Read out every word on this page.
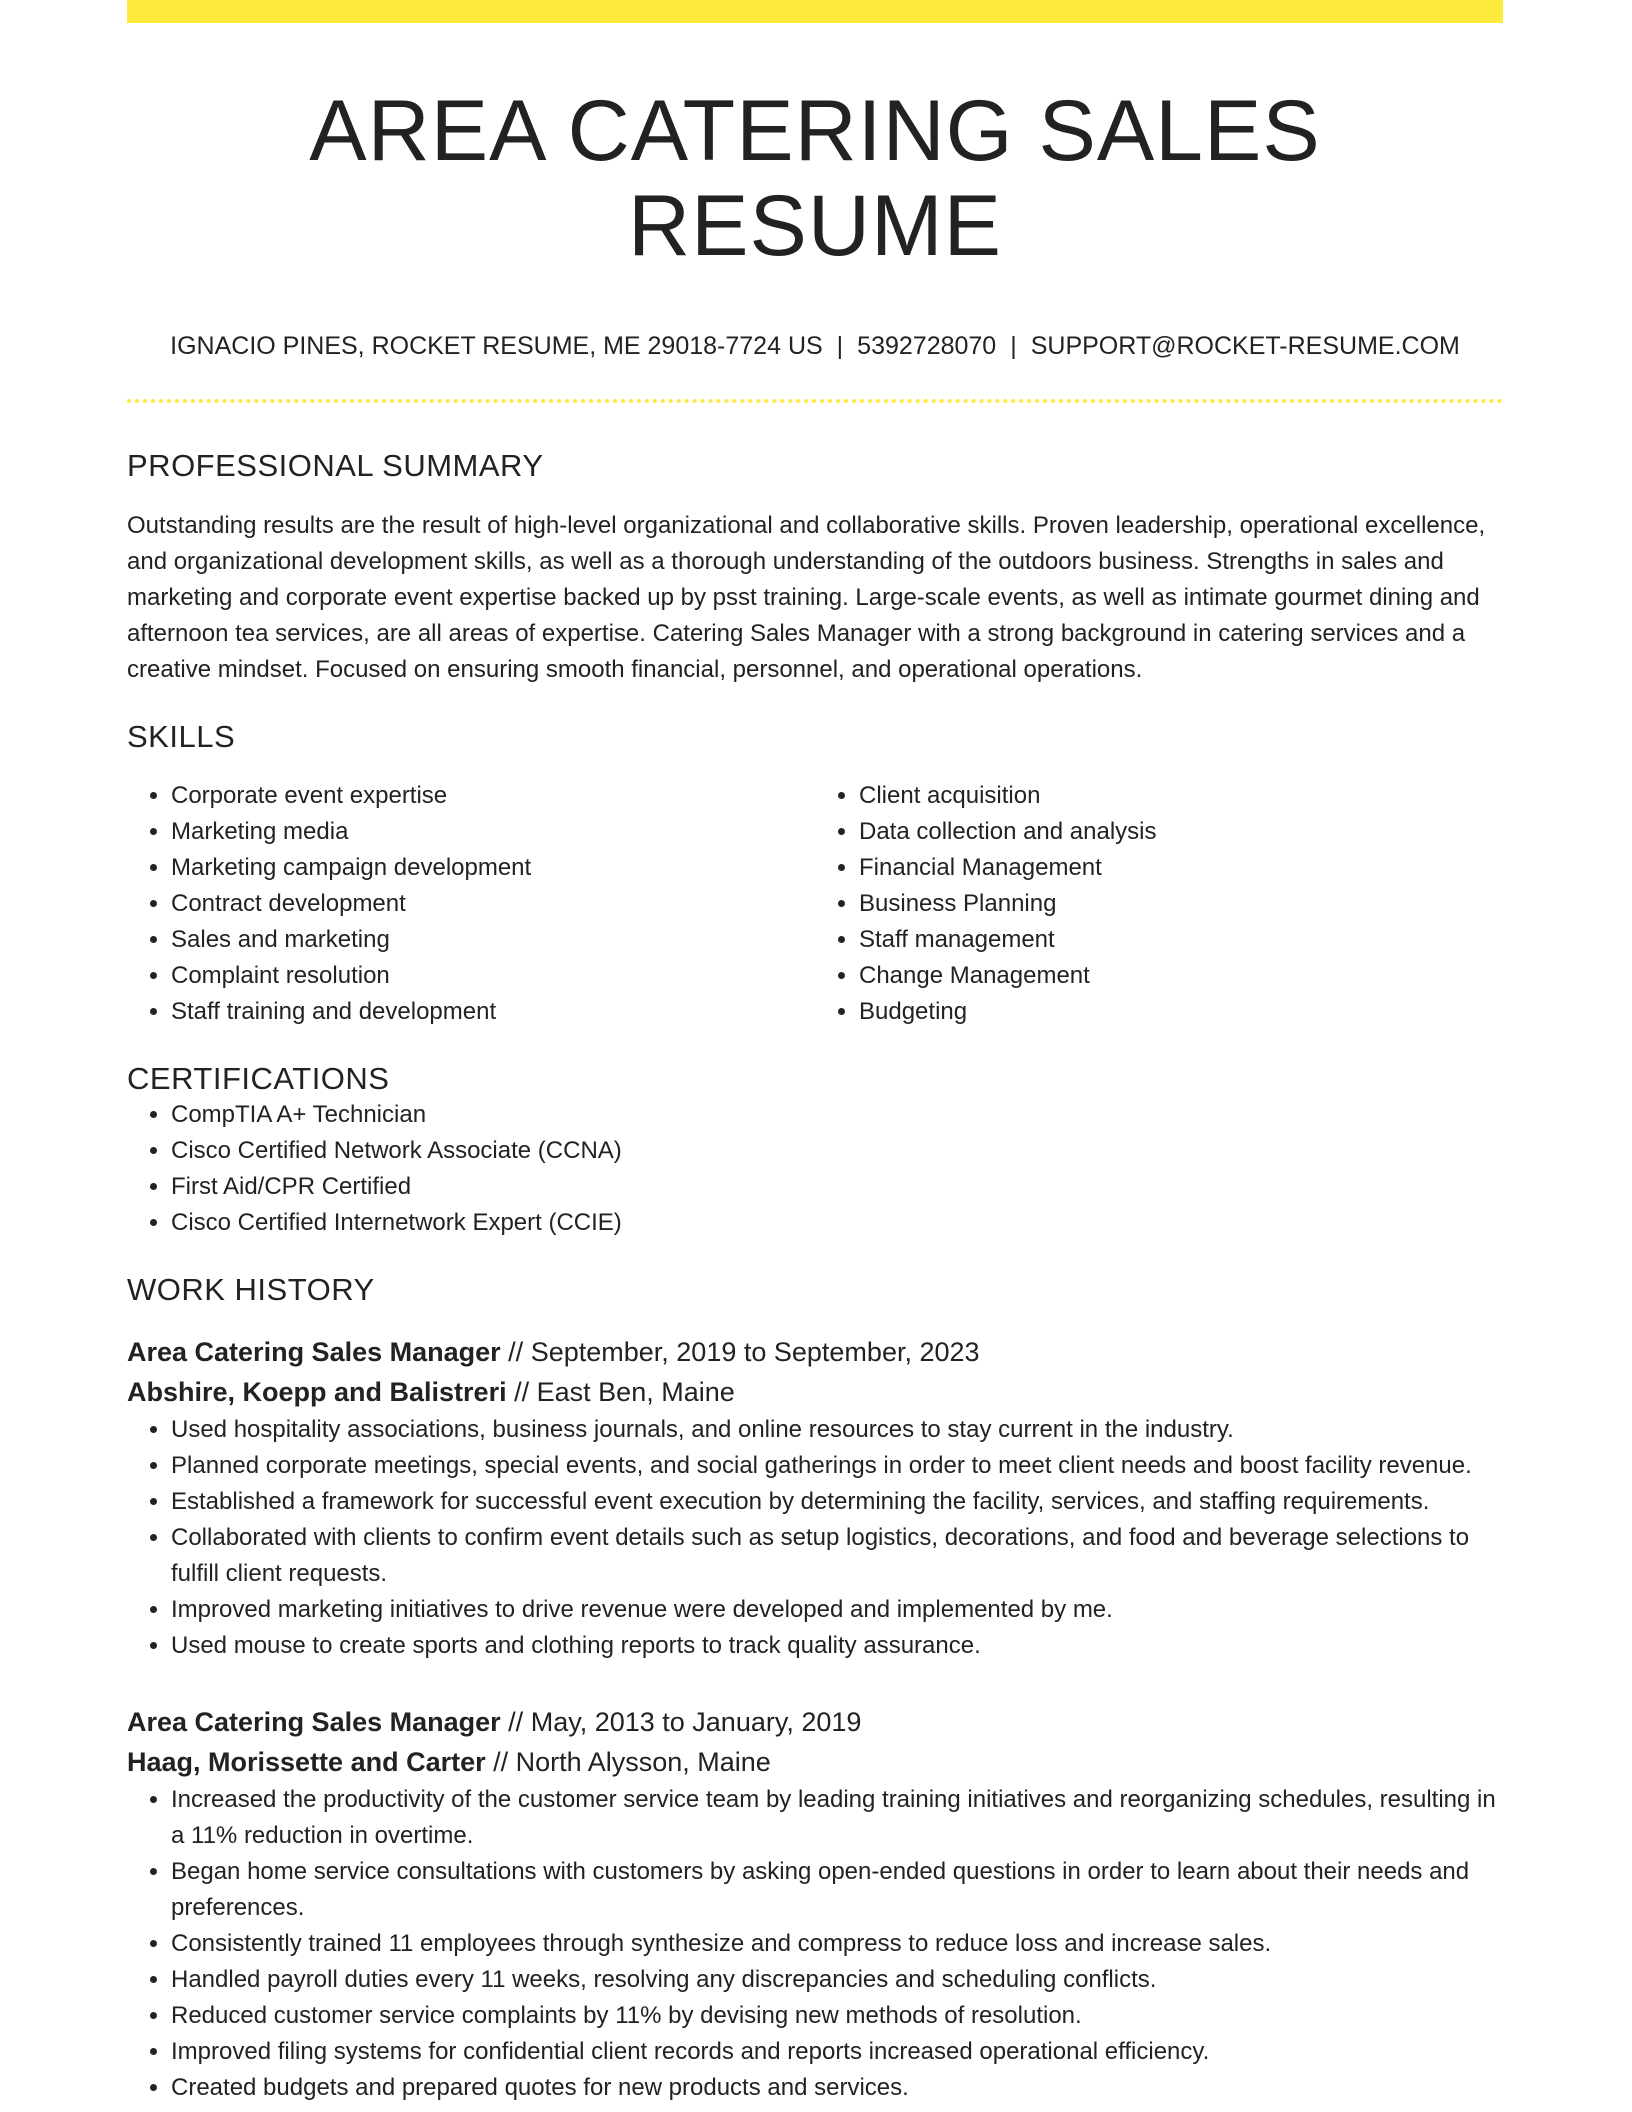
AREA CATERING SALES RESUME
IGNACIO PINES, ROCKET RESUME, ME 29018-7724 US | 5392728070 | SUPPORT@ROCKET-RESUME.COM
PROFESSIONAL SUMMARY
Outstanding results are the result of high-level organizational and collaborative skills. Proven leadership, operational excellence, and organizational development skills, as well as a thorough understanding of the outdoors business. Strengths in sales and marketing and corporate event expertise backed up by psst training. Large-scale events, as well as intimate gourmet dining and afternoon tea services, are all areas of expertise. Catering Sales Manager with a strong background in catering services and a creative mindset. Focused on ensuring smooth financial, personnel, and operational operations.
SKILLS
• Corporate event expertise
• Marketing media
• Marketing campaign development
• Contract development
• Sales and marketing
• Complaint resolution
• Staff training and development
• Client acquisition
• Data collection and analysis
• Financial Management
• Business Planning
• Staff management
• Change Management
• Budgeting
CERTIFICATIONS
• CompTIA A+ Technician
• Cisco Certified Network Associate (CCNA)
• First Aid/CPR Certified
• Cisco Certified Internetwork Expert (CCIE)
WORK HISTORY
Area Catering Sales Manager // September, 2019 to September, 2023
Abshire, Koepp and Balistreri // East Ben, Maine
• Used hospitality associations, business journals, and online resources to stay current in the industry.
• Planned corporate meetings, special events, and social gatherings in order to meet client needs and boost facility revenue.
• Established a framework for successful event execution by determining the facility, services, and staffing requirements.
• Collaborated with clients to confirm event details such as setup logistics, decorations, and food and beverage selections to fulfill client requests.
• Improved marketing initiatives to drive revenue were developed and implemented by me.
• Used mouse to create sports and clothing reports to track quality assurance.
Area Catering Sales Manager // May, 2013 to January, 2019
Haag, Morissette and Carter // North Alysson, Maine
• Increased the productivity of the customer service team by leading training initiatives and reorganizing schedules, resulting in a 11% reduction in overtime.
• Began home service consultations with customers by asking open-ended questions in order to learn about their needs and preferences.
• Consistently trained 11 employees through synthesize and compress to reduce loss and increase sales.
• Handled payroll duties every 11 weeks, resolving any discrepancies and scheduling conflicts.
• Reduced customer service complaints by 11% by devising new methods of resolution.
• Improved filing systems for confidential client records and reports increased operational efficiency.
• Created budgets and prepared quotes for new products and services.
